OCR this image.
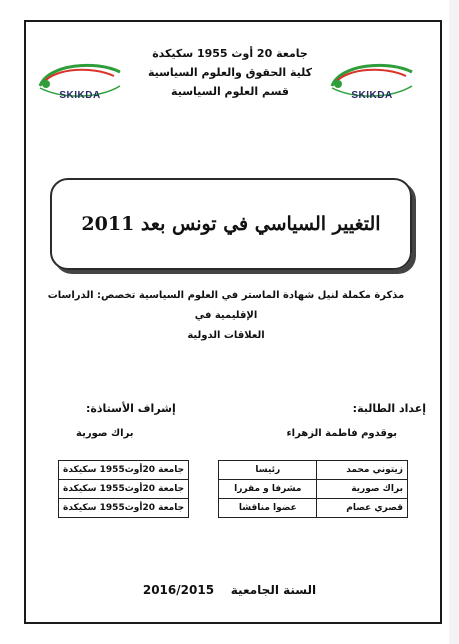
جامعة 20 أوث 1955 سكيكدة
كلية الحقوق والعلوم السياسية
قسم العلوم السياسية
SKIKDA	SKIKDA
التغيير السياسي في تونس بعد 2011
مذكرة مكملة لنيل شهادة الماستر في العلوم السياسية تخصص: الدراسات الإقليمية في
العلاقات الدولية
إعداد الطالبة:
بوقدوم فاطمة الزهراء
إشراف الأستاذة:
براك صورية
زيتوني محمد	رئيسا		جامعة 20أوث1955 سكيكدة
براك صورية	مشرفا و مقررا		جامعة 20أوث1955 سكيكدة
قصري عصام	عضوا مناقشا		جامعة 20أوث1955 سكيكدة
السنة الجامعية    2016/2015
